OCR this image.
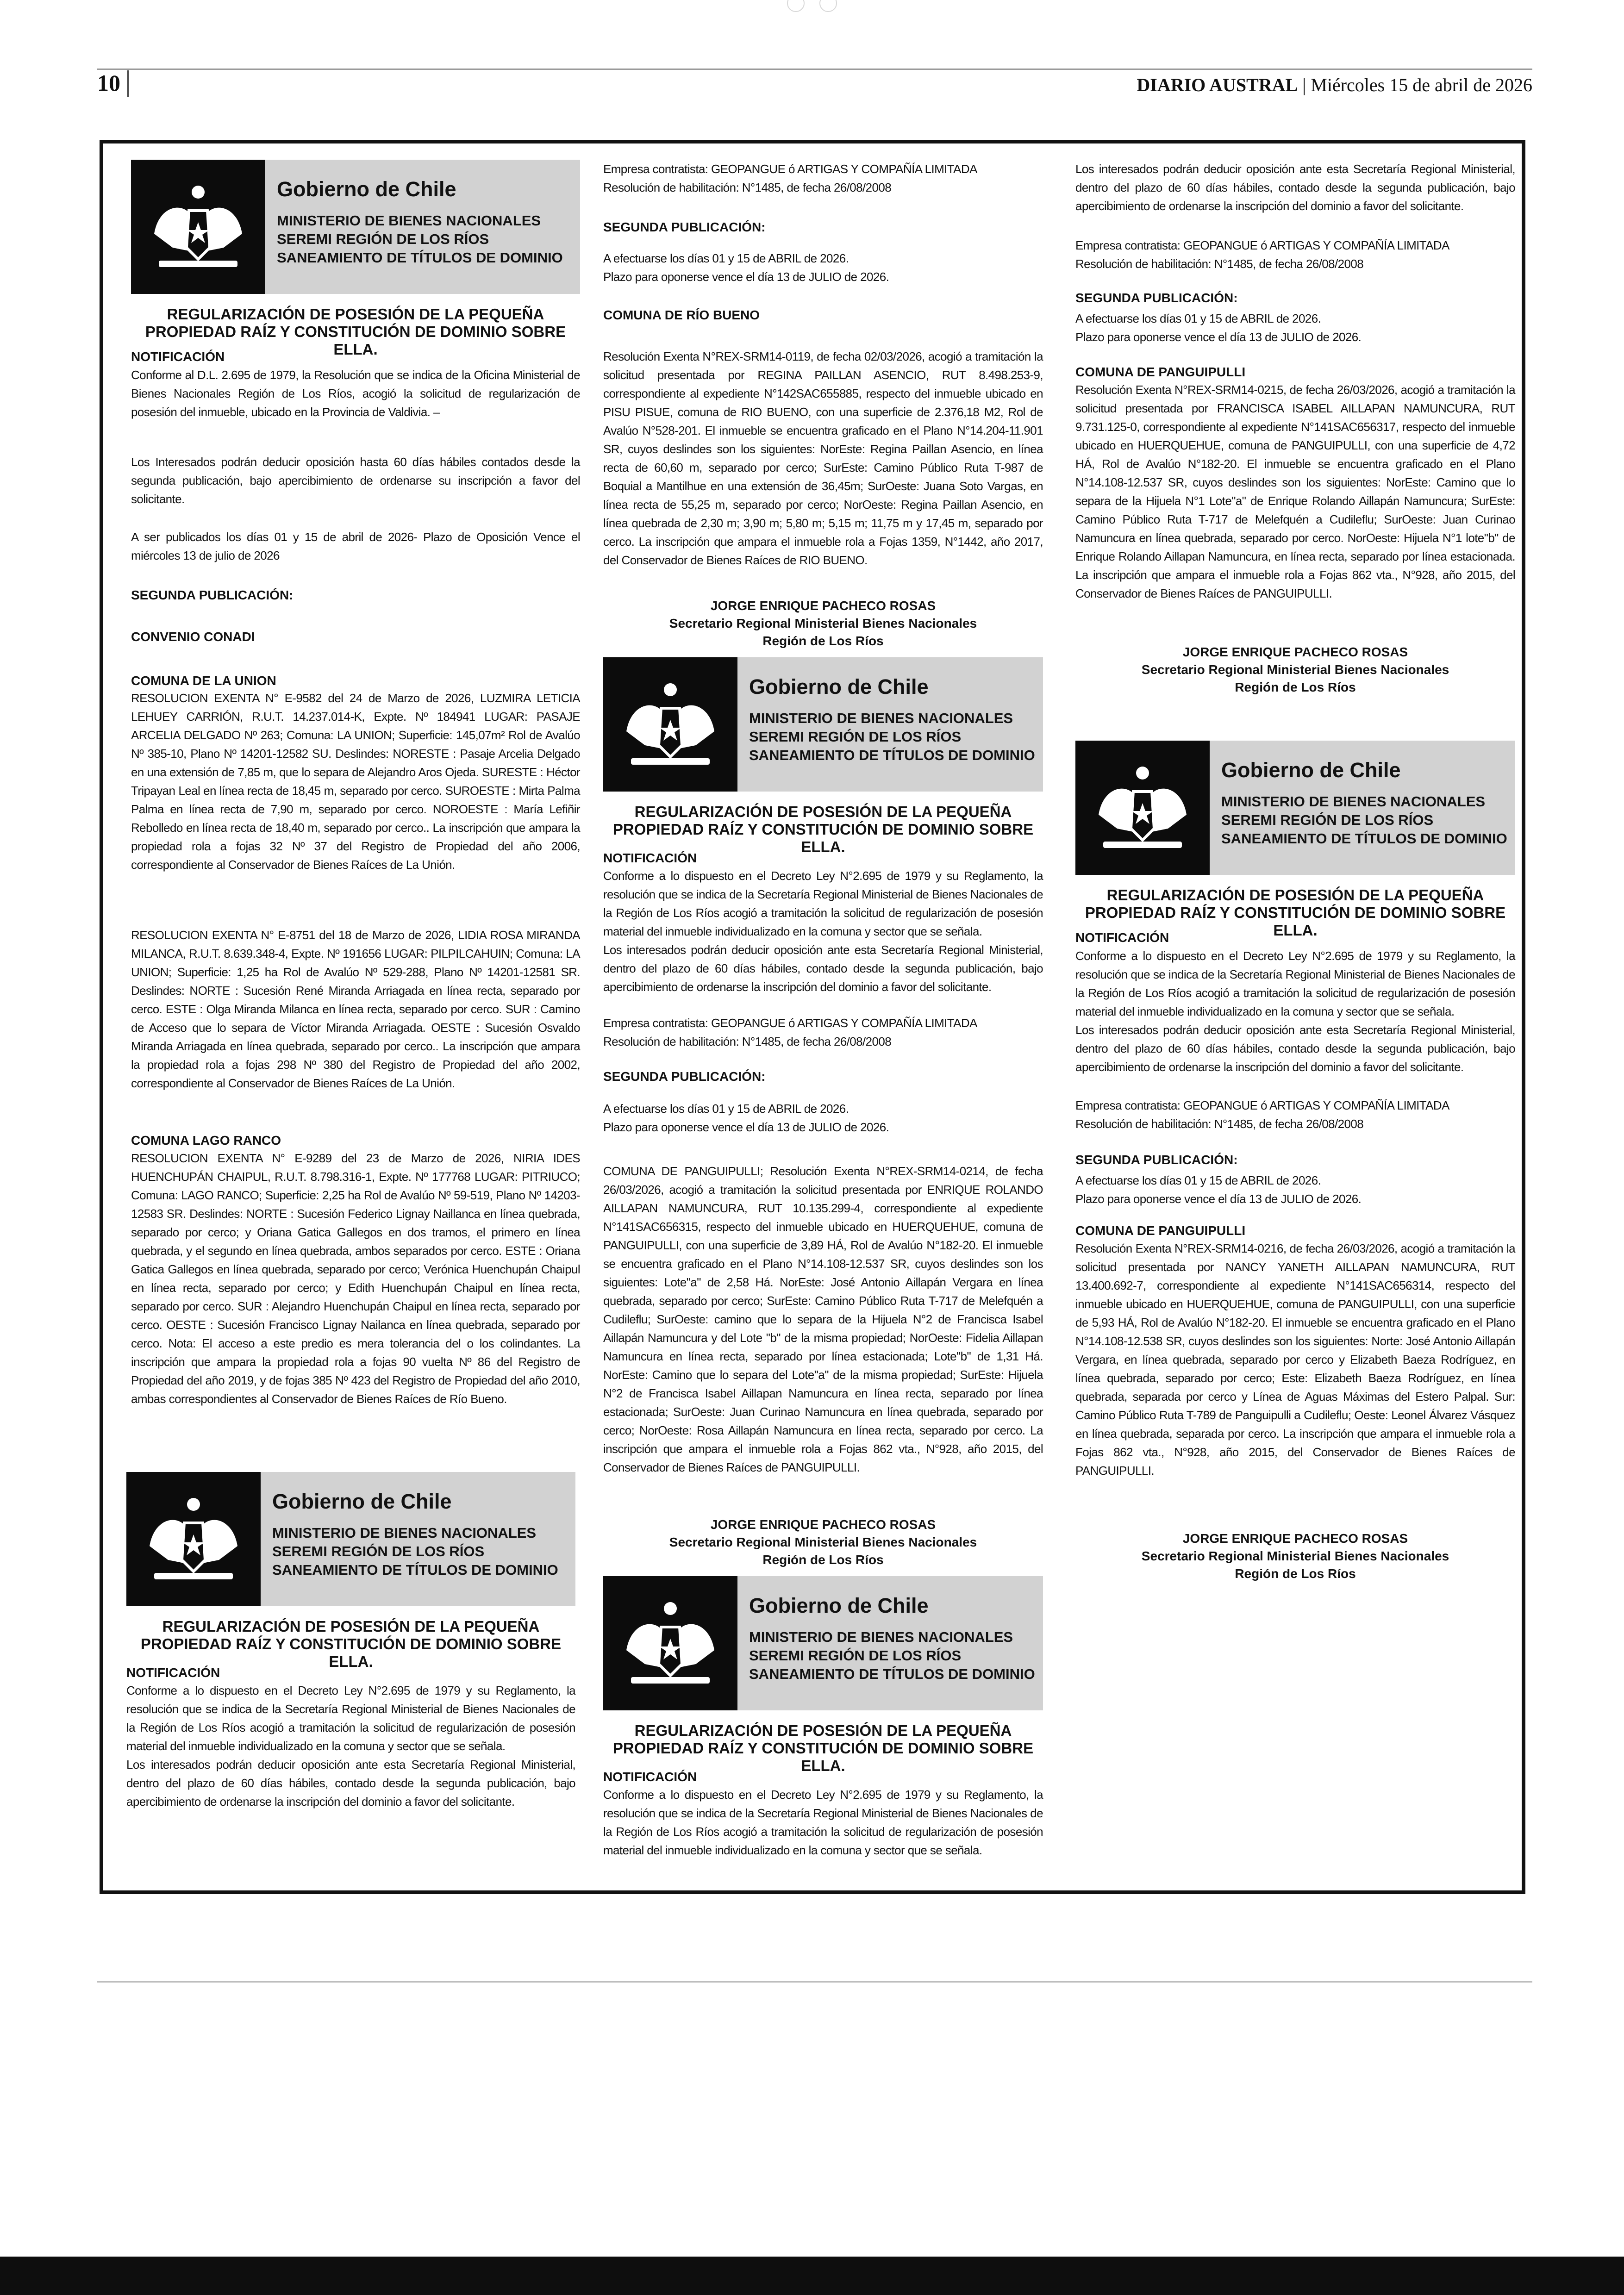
10	DIARIO AUSTRAL | Miércoles 15 de abril de 2026
Gobierno de Chile
MINISTERIO DE BIENES NACIONALES
SEREMI REGIÓN DE LOS RÍOS
SANEAMIENTO DE TÍTULOS DE DOMINIO
REGULARIZACIÓN DE POSESIÓN DE LA PEQUEÑA
PROPIEDAD RAÍZ Y CONSTITUCIÓN DE DOMINIO SOBRE ELLA.
NOTIFICACIÓN
Conforme al D.L. 2.695 de 1979, la Resolución que se indica de la Oficina Ministerial de Bienes Nacionales Región de Los Ríos, acogió la solicitud de regularización de posesión del inmueble, ubicado en la Provincia de Valdivia. –
Los Interesados podrán deducir oposición hasta 60 días hábiles contados desde la segunda publicación, bajo apercibimiento de ordenarse su inscripción a favor del solicitante.
A ser publicados los días 01 y 15 de abril de 2026- Plazo de Oposición Vence el miércoles 13 de julio de 2026
SEGUNDA PUBLICACIÓN:
CONVENIO CONADI
COMUNA DE LA UNION
RESOLUCION EXENTA N° E-9582 del 24 de Marzo de 2026, LUZMIRA LETICIA LEHUEY CARRIÓN, R.U.T. 14.237.014-K, Expte. Nº 184941 LUGAR: PASAJE ARCELIA DELGADO Nº 263; Comuna: LA UNION; Superficie: 145,07m² Rol de Avalúo Nº 385-10, Plano Nº 14201-12582 SU. Deslindes: NORESTE : Pasaje Arcelia Delgado en una extensión de 7,85 m, que lo separa de Alejandro Aros Ojeda. SURESTE : Héctor Tripayan Leal en línea recta de 18,45 m, separado por cerco. SUROESTE : Mirta Palma Palma en línea recta de 7,90 m, separado por cerco. NOROESTE : María Lefiñir Rebolledo en línea recta de 18,40 m, separado por cerco.. La inscripción que ampara la propiedad rola a fojas 32 Nº 37 del Registro de Propiedad del año 2006, correspondiente al Conservador de Bienes Raíces de La Unión.
RESOLUCION EXENTA N° E-8751 del 18 de Marzo de 2026, LIDIA ROSA MIRANDA MILANCA, R.U.T. 8.639.348-4, Expte. Nº 191656 LUGAR: PILPILCAHUIN; Comuna: LA UNION; Superficie: 1,25 ha Rol de Avalúo Nº 529-288, Plano Nº 14201-12581 SR. Deslindes: NORTE : Sucesión René Miranda Arriagada en línea recta, separado por cerco. ESTE : Olga Miranda Milanca en línea recta, separado por cerco. SUR : Camino de Acceso que lo separa de Víctor Miranda Arriagada. OESTE : Sucesión Osvaldo Miranda Arriagada en línea quebrada, separado por cerco.. La inscripción que ampara la propiedad rola a fojas 298 Nº 380 del Registro de Propiedad del año 2002, correspondiente al Conservador de Bienes Raíces de La Unión.
COMUNA LAGO RANCO
RESOLUCION EXENTA N° E-9289 del 23 de Marzo de 2026, NIRIA IDES HUENCHUPÁN CHAIPUL, R.U.T. 8.798.316-1, Expte. Nº 177768 LUGAR: PITRIUCO; Comuna: LAGO RANCO; Superficie: 2,25 ha Rol de Avalúo Nº 59-519, Plano Nº 14203-12583 SR. Deslindes: NORTE : Sucesión Federico Lignay Naillanca en línea quebrada, separado por cerco; y Oriana Gatica Gallegos en dos tramos, el primero en línea quebrada, y el segundo en línea quebrada, ambos separados por cerco. ESTE : Oriana Gatica Gallegos en línea quebrada, separado por cerco; Verónica Huenchupán Chaipul en línea recta, separado por cerco; y Edith Huenchupán Chaipul en línea recta, separado por cerco. SUR : Alejandro Huenchupán Chaipul en línea recta, separado por cerco. OESTE : Sucesión Francisco Lignay Nailanca en línea quebrada, separado por cerco. Nota: El acceso a este predio es mera tolerancia del o los colindantes. La inscripción que ampara la propiedad rola a fojas 90 vuelta Nº 86 del Registro de Propiedad del año 2019, y de fojas 385 Nº 423 del Registro de Propiedad del año 2010, ambas correspondientes al Conservador de Bienes Raíces de Río Bueno.
Gobierno de Chile
MINISTERIO DE BIENES NACIONALES
SEREMI REGIÓN DE LOS RÍOS
SANEAMIENTO DE TÍTULOS DE DOMINIO
REGULARIZACIÓN DE POSESIÓN DE LA PEQUEÑA
PROPIEDAD RAÍZ Y CONSTITUCIÓN DE DOMINIO SOBRE ELLA.
NOTIFICACIÓN
Conforme a lo dispuesto en el Decreto Ley N°2.695 de 1979 y su Reglamento, la resolución que se indica de la Secretaría Regional Ministerial de Bienes Nacionales de la Región de Los Ríos acogió a tramitación la solicitud de regularización de posesión material del inmueble individualizado en la comuna y sector que se señala.
Los interesados podrán deducir oposición ante esta Secretaría Regional Ministerial, dentro del plazo de 60 días hábiles, contado desde la segunda publicación, bajo apercibimiento de ordenarse la inscripción del dominio a favor del solicitante.
Empresa contratista: GEOPANGUE ó ARTIGAS Y COMPAÑÍA LIMITADA
Resolución de habilitación: N°1485, de fecha 26/08/2008
SEGUNDA PUBLICACIÓN:
A efectuarse los días 01 y 15 de ABRIL de 2026.
Plazo para oponerse vence el día 13 de JULIO de 2026.
COMUNA DE RÍO BUENO
Resolución Exenta N°REX-SRM14-0119, de fecha 02/03/2026, acogió a tramitación la solicitud presentada por REGINA PAILLAN ASENCIO, RUT 8.498.253-9, correspondiente al expediente N°142SAC655885, respecto del inmueble ubicado en PISU PISUE, comuna de RIO BUENO, con una superficie de 2.376,18 M2, Rol de Avalúo N°528-201. El inmueble se encuentra graficado en el Plano N°14.204-11.901 SR, cuyos deslindes son los siguientes: NorEste: Regina Paillan Asencio, en línea recta de 60,60 m, separado por cerco; SurEste: Camino Público Ruta T-987 de Boquial a Mantilhue en una extensión de 36,45m; SurOeste: Juana Soto Vargas, en línea recta de 55,25 m, separado por cerco; NorOeste: Regina Paillan Asencio, en línea quebrada de 2,30 m; 3,90 m; 5,80 m; 5,15 m; 11,75 m y 17,45 m, separado por cerco. La inscripción que ampara el inmueble rola a Fojas 1359, N°1442, año 2017, del Conservador de Bienes Raíces de RIO BUENO.
JORGE ENRIQUE PACHECO ROSAS
Secretario Regional Ministerial Bienes Nacionales
Región de Los Ríos
Gobierno de Chile
MINISTERIO DE BIENES NACIONALES
SEREMI REGIÓN DE LOS RÍOS
SANEAMIENTO DE TÍTULOS DE DOMINIO
REGULARIZACIÓN DE POSESIÓN DE LA PEQUEÑA
PROPIEDAD RAÍZ Y CONSTITUCIÓN DE DOMINIO SOBRE ELLA.
NOTIFICACIÓN
Conforme a lo dispuesto en el Decreto Ley N°2.695 de 1979 y su Reglamento, la resolución que se indica de la Secretaría Regional Ministerial de Bienes Nacionales de la Región de Los Ríos acogió a tramitación la solicitud de regularización de posesión material del inmueble individualizado en la comuna y sector que se señala.
Los interesados podrán deducir oposición ante esta Secretaría Regional Ministerial, dentro del plazo de 60 días hábiles, contado desde la segunda publicación, bajo apercibimiento de ordenarse la inscripción del dominio a favor del solicitante.
Empresa contratista: GEOPANGUE ó ARTIGAS Y COMPAÑÍA LIMITADA
Resolución de habilitación: N°1485, de fecha 26/08/2008
SEGUNDA PUBLICACIÓN:
A efectuarse los días 01 y 15 de ABRIL de 2026.
Plazo para oponerse vence el día 13 de JULIO de 2026.
COMUNA DE PANGUIPULLI; Resolución Exenta N°REX-SRM14-0214, de fecha 26/03/2026, acogió a tramitación la solicitud presentada por ENRIQUE ROLANDO AILLAPAN NAMUNCURA, RUT 10.135.299-4, correspondiente al expediente N°141SAC656315, respecto del inmueble ubicado en HUERQUEHUE, comuna de PANGUIPULLI, con una superficie de 3,89 HÁ, Rol de Avalúo N°182-20. El inmueble se encuentra graficado en el Plano N°14.108-12.537 SR, cuyos deslindes son los siguientes: Lote"a" de 2,58 Há. NorEste: José Antonio Aillapán Vergara en línea quebrada, separado por cerco; SurEste: Camino Público Ruta T-717 de Melefquén a Cudileflu; SurOeste: camino que lo separa de la Hijuela N°2 de Francisca Isabel Aillapán Namuncura y del Lote "b" de la misma propiedad; NorOeste: Fidelia Aillapan Namuncura en línea recta, separado por línea estacionada; Lote"b" de 1,31 Há. NorEste: Camino que lo separa del Lote"a" de la misma propiedad; SurEste: Hijuela N°2 de Francisca Isabel Aillapan Namuncura en línea recta, separado por línea estacionada; SurOeste: Juan Curinao Namuncura en línea quebrada, separado por cerco; NorOeste: Rosa Aillapán Namuncura en línea recta, separado por cerco. La inscripción que ampara el inmueble rola a Fojas 862 vta., N°928, año 2015, del Conservador de Bienes Raíces de PANGUIPULLI.
JORGE ENRIQUE PACHECO ROSAS
Secretario Regional Ministerial Bienes Nacionales
Región de Los Ríos
Gobierno de Chile
MINISTERIO DE BIENES NACIONALES
SEREMI REGIÓN DE LOS RÍOS
SANEAMIENTO DE TÍTULOS DE DOMINIO
REGULARIZACIÓN DE POSESIÓN DE LA PEQUEÑA
PROPIEDAD RAÍZ Y CONSTITUCIÓN DE DOMINIO SOBRE ELLA.
NOTIFICACIÓN
Conforme a lo dispuesto en el Decreto Ley N°2.695 de 1979 y su Reglamento, la resolución que se indica de la Secretaría Regional Ministerial de Bienes Nacionales de la Región de Los Ríos acogió a tramitación la solicitud de regularización de posesión material del inmueble individualizado en la comuna y sector que se señala.
Los interesados podrán deducir oposición ante esta Secretaría Regional Ministerial, dentro del plazo de 60 días hábiles, contado desde la segunda publicación, bajo apercibimiento de ordenarse la inscripción del dominio a favor del solicitante.
Empresa contratista: GEOPANGUE ó ARTIGAS Y COMPAÑÍA LIMITADA
Resolución de habilitación: N°1485, de fecha 26/08/2008
SEGUNDA PUBLICACIÓN:
A efectuarse los días 01 y 15 de ABRIL de 2026.
Plazo para oponerse vence el día 13 de JULIO de 2026.
COMUNA DE PANGUIPULLI
Resolución Exenta N°REX-SRM14-0215, de fecha 26/03/2026, acogió a tramitación la solicitud presentada por FRANCISCA ISABEL AILLAPAN NAMUNCURA, RUT 9.731.125-0, correspondiente al expediente N°141SAC656317, respecto del inmueble ubicado en HUERQUEHUE, comuna de PANGUIPULLI, con una superficie de 4,72 HÁ, Rol de Avalúo N°182-20. El inmueble se encuentra graficado en el Plano N°14.108-12.537 SR, cuyos deslindes son los siguientes: NorEste: Camino que lo separa de la Hijuela N°1 Lote"a" de Enrique Rolando Aillapán Namuncura; SurEste: Camino Público Ruta T-717 de Melefquén a Cudileflu; SurOeste: Juan Curinao Namuncura en línea quebrada, separado por cerco. NorOeste: Hijuela N°1 lote"b" de Enrique Rolando Aillapan Namuncura, en línea recta, separado por línea estacionada. La inscripción que ampara el inmueble rola a Fojas 862 vta., N°928, año 2015, del Conservador de Bienes Raíces de PANGUIPULLI.
JORGE ENRIQUE PACHECO ROSAS
Secretario Regional Ministerial Bienes Nacionales
Región de Los Ríos
Gobierno de Chile
MINISTERIO DE BIENES NACIONALES
SEREMI REGIÓN DE LOS RÍOS
SANEAMIENTO DE TÍTULOS DE DOMINIO
REGULARIZACIÓN DE POSESIÓN DE LA PEQUEÑA
PROPIEDAD RAÍZ Y CONSTITUCIÓN DE DOMINIO SOBRE ELLA.
NOTIFICACIÓN
Conforme a lo dispuesto en el Decreto Ley N°2.695 de 1979 y su Reglamento, la resolución que se indica de la Secretaría Regional Ministerial de Bienes Nacionales de la Región de Los Ríos acogió a tramitación la solicitud de regularización de posesión material del inmueble individualizado en la comuna y sector que se señala.
Los interesados podrán deducir oposición ante esta Secretaría Regional Ministerial, dentro del plazo de 60 días hábiles, contado desde la segunda publicación, bajo apercibimiento de ordenarse la inscripción del dominio a favor del solicitante.
Empresa contratista: GEOPANGUE ó ARTIGAS Y COMPAÑÍA LIMITADA
Resolución de habilitación: N°1485, de fecha 26/08/2008
SEGUNDA PUBLICACIÓN:
A efectuarse los días 01 y 15 de ABRIL de 2026.
Plazo para oponerse vence el día 13 de JULIO de 2026.
COMUNA DE PANGUIPULLI
Resolución Exenta N°REX-SRM14-0216, de fecha 26/03/2026, acogió a tramitación la solicitud presentada por NANCY YANETH AILLAPAN NAMUNCURA, RUT 13.400.692-7, correspondiente al expediente N°141SAC656314, respecto del inmueble ubicado en HUERQUEHUE, comuna de PANGUIPULLI, con una superficie de 5,93 HÁ, Rol de Avalúo N°182-20. El inmueble se encuentra graficado en el Plano N°14.108-12.538 SR, cuyos deslindes son los siguientes: Norte: José Antonio Aillapán Vergara, en línea quebrada, separado por cerco y Elizabeth Baeza Rodríguez, en línea quebrada, separado por cerco; Este: Elizabeth Baeza Rodríguez, en línea quebrada, separada por cerco y Línea de Aguas Máximas del Estero Palpal. Sur: Camino Público Ruta T-789 de Panguipulli a Cudileflu; Oeste: Leonel Álvarez Vásquez en línea quebrada, separada por cerco. La inscripción que ampara el inmueble rola a Fojas 862 vta., N°928, año 2015, del Conservador de Bienes Raíces de PANGUIPULLI.
JORGE ENRIQUE PACHECO ROSAS
Secretario Regional Ministerial Bienes Nacionales
Región de Los Ríos
